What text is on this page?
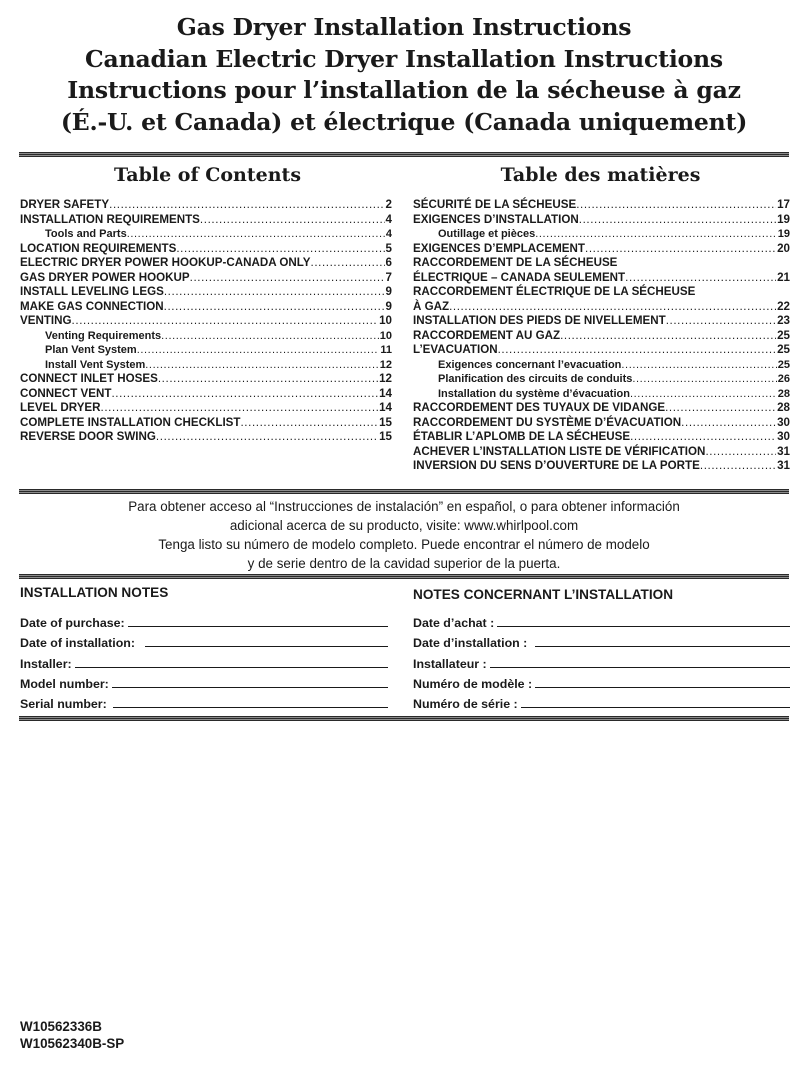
Gas Dryer Installation Instructions
Canadian Electric Dryer Installation Instructions
Instructions pour l’installation de la sécheuse à gaz
(É.-U. et Canada) et électrique (Canada uniquement)
Table of Contents
DRYER SAFETY .....	2
INSTALLATION REQUIREMENTS .....	4
Tools and Parts .....	4
LOCATION REQUIREMENTS .....	5
ELECTRIC DRYER POWER HOOKUP-CANADA ONLY .....	6
GAS DRYER POWER HOOKUP .....	7
INSTALL LEVELING LEGS .....	9
MAKE GAS CONNECTION .....	9
VENTING .....	10
Venting Requirements .....	10
Plan Vent System .....	11
Install Vent System .....	12
CONNECT INLET HOSES .....	12
CONNECT VENT .....	14
LEVEL DRYER .....	14
COMPLETE INSTALLATION CHECKLIST .....	15
REVERSE DOOR SWING .....	15
Table des matières
SÉCURITÉ DE LA SÉCHEUSE .....	17
EXIGENCES D’INSTALLATION .....	19
Outillage et pièces .....	19
EXIGENCES D’EMPLACEMENT .....	20
RACCORDEMENT DE LA SÉCHEUSE
ÉLECTRIQUE – CANADA SEULEMENT .....	21
RACCORDEMENT ÉLECTRIQUE DE LA SÉCHEUSE
À GAZ .....	22
INSTALLATION DES PIEDS DE NIVELLEMENT .....	23
RACCORDEMENT AU GAZ .....	25
L’EVACUATION .....	25
Exigences concernant l’evacuation .....	25
Planification des circuits de conduits .....	26
Installation du système d’évacuation .....	28
RACCORDEMENT DES TUYAUX DE VIDANGE .....	28
RACCORDEMENT DU SYSTÈME D’ÉVACUATION .....	30
ÉTABLIR L’APLOMB DE LA SÉCHEUSE .....	30
ACHEVER L’INSTALLATION LISTE DE VÉRIFICATION .....	31
INVERSION DU SENS D’OUVERTURE DE LA PORTE .....	31
Para obtener acceso al “Instrucciones de instalación” en español, o para obtener información
adicional acerca de su producto, visite: www.whirlpool.com
Tenga listo su número de modelo completo. Puede encontrar el número de modelo
y de serie dentro de la cavidad superior de la puerta.
INSTALLATION NOTES
Date of purchase:
Date of installation:
Installer:
Model number:
Serial number:
NOTES CONCERNANT L’INSTALLATION
Date d’achat :
Date d’installation :
Installateur :
Numéro de modèle :
Numéro de série :
W10562336B
W10562340B-SP
